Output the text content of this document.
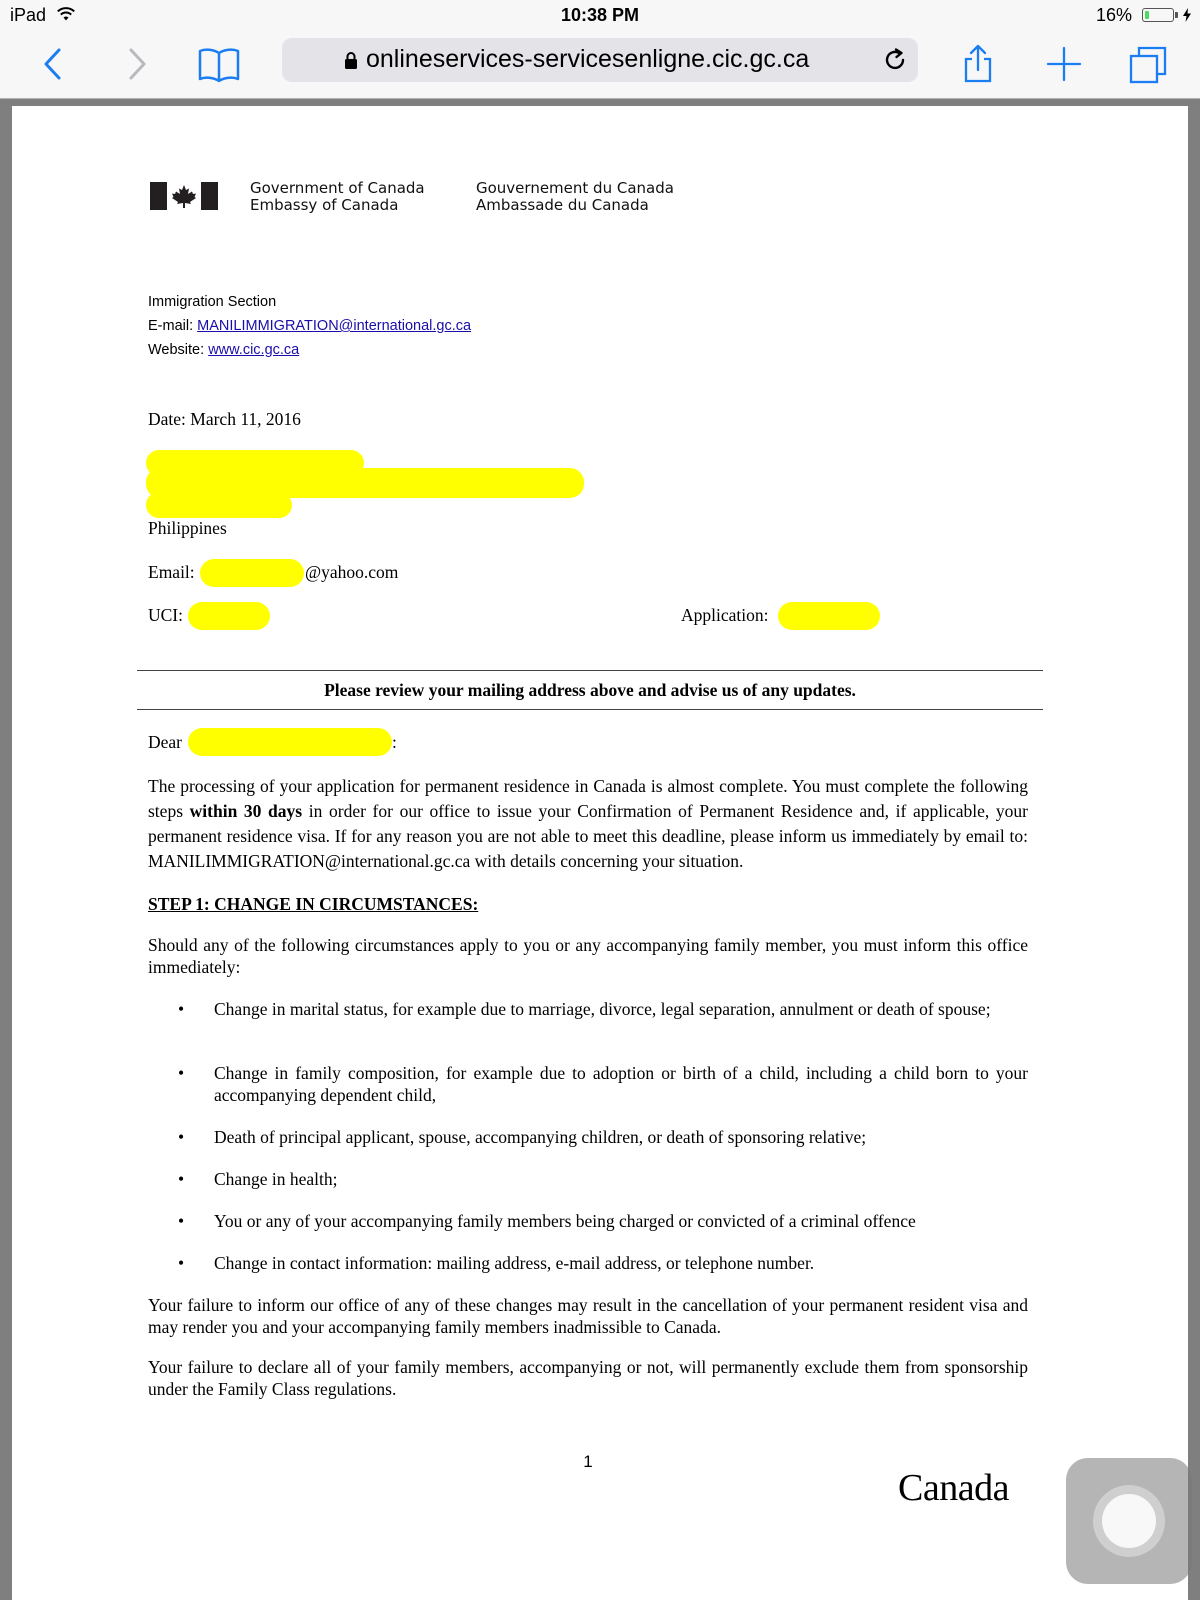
iPad	10:38 PM	16%
onlineservices-servicesenligne.cic.gc.ca
Government of Canada
Embassy of Canada
Gouvernement du Canada
Ambassade du Canada
Immigration Section
E-mail: MANILIMMIGRATION@international.gc.ca
Website: www.cic.gc.ca
Date: March 11, 2016
Philippines
Email:	@yahoo.com
UCI:	Application:
Please review your mailing address above and advise us of any updates.
Dear	:
The processing of your application for permanent residence in Canada is almost complete. You must complete the following steps within 30 days in order for our office to issue your Confirmation of Permanent Residence and, if applicable, your permanent residence visa. If for any reason you are not able to meet this deadline, please inform us immediately by email to: MANILIMMIGRATION@international.gc.ca with details concerning your situation.
STEP 1: CHANGE IN CIRCUMSTANCES:
Should any of the following circumstances apply to you or any accompanying family member, you must inform this office immediately:
• Change in marital status, for example due to marriage, divorce, legal separation, annulment or death of spouse;
• Change in family composition, for example due to adoption or birth of a child, including a child born to your accompanying dependent child,
• Death of principal applicant, spouse, accompanying children, or death of sponsoring relative;
• Change in health;
• You or any of your accompanying family members being charged or convicted of a criminal offence
• Change in contact information: mailing address, e-mail address, or telephone number.
Your failure to inform our office of any of these changes may result in the cancellation of your permanent resident visa and may render you and your accompanying family members inadmissible to Canada.
Your failure to declare all of your family members, accompanying or not, will permanently exclude them from sponsorship under the Family Class regulations.
1
Canada
